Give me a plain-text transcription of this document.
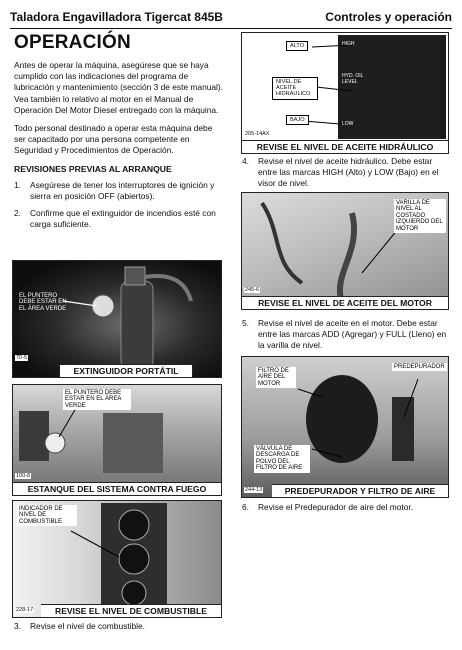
Taladora Engavilladora Tigercat 845B	Controles y operación
OPERACIÓN

Antes de operar la máquina, asegúrese que se haya cumplido con las indicaciones del programa de lubricación y mantenimiento (sección 3 de este manual). Vea también lo relativo al motor en el Manual de Operación Del Motor Diesel entregado con la máquina.

Todo personal destinado a operar esta máquina debe ser capacitado por una persona competente en Seguridad y Procedimientos de Operación.

REVISIONES PREVIAS AL ARRANQUE
1.	Asegúrese de tener los interruptores de ignición y sierra en posición OFF (abiertos).
2.	Confirme que el extinguidor de incendios esté con carga suficiente.
EL PUNTERO DEBE ESTAR EN EL ÁREA VERDE
70-5
EXTINGUIDOR PORTÁTIL
EL PUNTERO DEBE ESTAR EN EL ÁREA VERDE
100-8
ESTANQUE DEL SISTEMA CONTRA FUEGO
INDICADOR DE NIVEL DE COMBUSTIBLE
228-17	REVISE EL NIVEL DE COMBUSTIBLE
3.	Revise el nivel de combustible.
ALTO
NIVEL DE ACEITE HIDRÁULICO
BAJO
HIGH
HYD. OIL LEVEL
LOW
205-14AX
REVISE EL NIVEL DE ACEITE HIDRÁULICO
4.	Revise el nivel de aceite hidráulico. Debe estar entre las marcas HIGH (Alto) y LOW (Bajo) en el visor de nivel.
VARILLA DE NIVEL AL COSTADO IZQUIERDO DEL MOTOR
245-6
REVISE EL NIVEL DE ACEITE DEL MOTOR
5.	Revise el nivel de aceite en el motor. Debe estar entre las marcas ADD (Agregar) y FULL (Lleno) en la varilla de nivel.
FILTRO DE AIRE DEL MOTOR
PREDEPURADOR
VÁLVULA DE DESCARGA DE POLVO DEL FILTRO DE AIRE
244-13	PREDEPURADOR Y FILTRO DE AIRE
6.	Revise el Predepurador de aire del motor.
